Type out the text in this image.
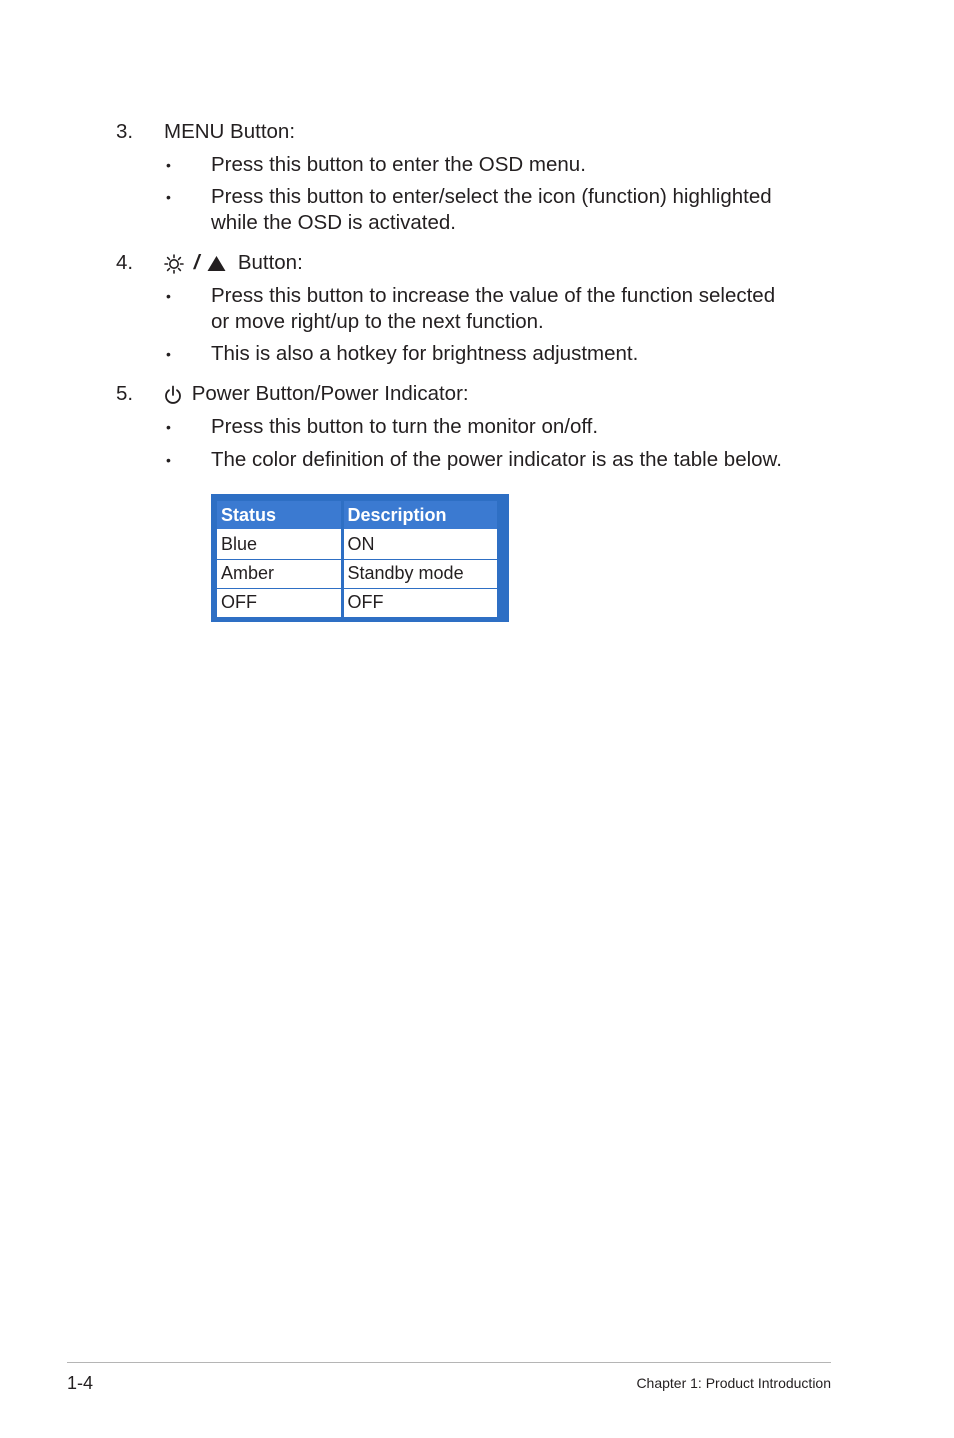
3. MENU Button:
• Press this button to enter the OSD menu.
• Press this button to enter/select the icon (function) highlighted
while the OSD is activated.
4.	/ Button:
• Press this button to increase the value of the function selected
or move right/up to the next function.
• This is also a hotkey for brightness adjustment.
5.	Power Button/Power Indicator:
• Press this button to turn the monitor on/off.
• The color definition of the power indicator is as the table below.
Status	Description
Blue	ON
Amber	Standby mode
OFF	OFF
1-4	Chapter 1: Product Introduction
